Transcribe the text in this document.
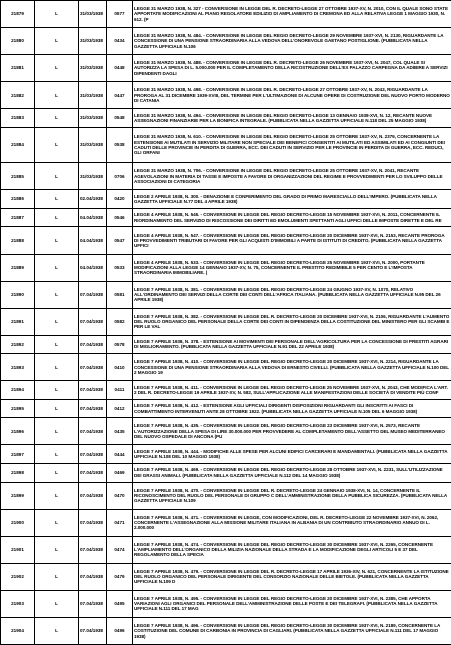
21879	L	31/03/1938	0577	LEGGE 31 MARZO 1938, N. 327 - CONVERSIONE IN LEGGE DEL R. DECRETO-LEGGE 27 OTTOBRE 1937-XV, N. 2010, CON IL QUALE SONO STATE APPORTATE MODIFICAZIONI AL PIANO REGOLATORE EDILIZIO DI AMPLIAMENTO DI CREMONA ED ALLA RELATIVA LEGGE 1 MAGGIO 1930, N. 612. (P
21880	L	31/03/1938	0434	LEGGE 31 MARZO 1938, N. 484. - CONVERSIONE IN LEGGE DEL REGIO DECRETO-LEGGE 29 NOVEMBRE 1937-XVI, N. 2130, RIGUARDANTE LA CONCESSIONE DI UNA PENSIONE STRAORDINARIA ALLA VEDOVA DELL'ONOREVOLE GAETANO POSTIGLIONE. (PUBBLICATA NELLA GAZZETTA UFFICIALE N.106
21881	L	31/03/1938	0448	LEGGE 31 MARZO 1938, N. 488. - CONVERSIONE IN LEGGE DEL R. DECRETO-LEGGE 26 NOVEMBRE 1937-XVI, N. 2047, COL QUALE SI AUTORIZZA LA SPESA DI L. 5.000.000 PER IL COMPLETAMENTO DELLA RICOSTRUZIONE DELL'EX PALAZZO CARPEGNA DA ADIBIRE A SERVIZI DIPENDENTI DAGLI
21882	L	31/03/1938	0447	LEGGE 31 MARZO 1938, N. 498. - CONVERSIONE IN LEGGE DEL R. DECRETO-LEGGE 27 OTTOBRE 1937-XV, N. 2043, RIGUARDANTE LA PROROGA AL 31 DICEMBRE 1939-XVIII, DEL TERMINE PER L'ULTIMAZIONE DI ALCUNE OPERE DI COSTRUZIONE DEL NUOVO PORTO MODERNO DI CATANIA
21883	L	31/03/1938	0548	LEGGE 31 MARZO 1938, N. 494. - CONVERSIONE IN LEGGE DEL REGIO DECRETO-LEGGE 13 GENNAIO 1938-XVI, N. 12, RECANTE NUOVE ASSEGNAZIONI FINANZIARIE PER LA BONIFICA INTEGRALE. (PUBBLICATA NELLA GAZZETTA UFFICIALE N.118 DEL 25 MAGGIO 1938)
21884	L	31/03/1938	0538	LEGGE 31 MARZO 1938, N. 610. - CONVERSIONE IN LEGGE DEL REGIO DECRETO-LEGGE 25 OTTOBRE 1937-XV, N. 2379, CONCERNENTE LA ESTENSIONE AI MUTILATI IN SERVIZIO MILITARE NON SPECIALE DEI BENEFICI CONSENTITI AI MUTILATI ED ASSIMILATI ED AI CONGIUNTI DEI CADUTI DELLE PROVINCIE IN PERDITA DI GUERRA, ECC. DEI CADUTI IN SERVIZIO PER LE PROVINCIE IN PERDITA DI GUERRA, ECC. REDUCI, GLI ORFANI
21885	L	31/03/1938	0706	LEGGE 31 MARZO 1938, N. 706. - CONVERSIONE IN LEGGE DEL REGIO DECRETO-LEGGE 25 OTTOBRE 1937-XV, N. 2041, RECANTE AGEVOLAZIONI IN MATERIA DI TASSE E IMPOSTE A FAVORE DI ORGANIZZAZIONI DEL REGIME E PROVVEDIMENTI PER LO SVILUPPO DELLE ASSOCIAZIONI DI CATEGORIA
21886	L	02.04/1938	0420	LEGGE 2 APRILE 1938, N. 300. - DENAZIONE E CONFERIMENTO DEL GRADO DI PRIMO MARESCIALLO DELL'IMPERO. (PUBBLICATA NELLA GAZZETTA UFFICIALE N.77 DEL 4 APRILE 1938)
21887	L	04.04/1938	0546	LEGGE 4 APRILE 1938, N. 546. - CONVERSIONE IN LEGGE DEL REGIO DECRETO-LEGGE 15 NOVEMBRE 1937-XVI, N. 2011, CONCERNENTE IL RIORDINAMENTO DEL SERVIZIO DI RISCOSSIONE DEI DIRITTI ED EMOLUMENTI SPETTANTI AGLI UFFICI DELLE IMPOSTE DIRETTE E DEL RE
21888	L	04.04/1938	0547	LEGGE 4 APRILE 1938, N. 547. - CONVERSIONE IN LEGGE DEL REGIO DECRETO-LEGGE 20 DICEMBRE 1937-XVI, N. 2153, RECANTE PROROGA DI PROVVEDIMENTI TRIBUTARI DI FAVORE PER GLI ACQUISTI D'IMMOBILI A PARTE DI ISTITUTI DI CREDITO. (PUBBLICATA NELLA GAZZETTA UFFICI
21889	L	04.04/1938	0533	LEGGE 4 APRILE 1938, N. 533. - CONVERSIONE IN LEGGE DEL REGIO DECRETO-LEGGE 25 NOVEMBRE 1937-XVI, N. 2000, PORTANTE MODIFICAZIONI ALLA LEGGE 14 GENNAIO 1937-XV, N. 75, CONCERNENTE IL PRESTITO REDIMIBILE 5 PER CENTO E L'IMPOSTA STRAORDINARIA IMMOBILIARE. (
21890	L	07.04/1938	0581	LEGGE 7 APRILE 1938, N. 381. - CONVERSIONE IN LEGGE DEL REGIO DECRETO-LEGGE 24 GIUGNO 1937-XV, N. 1070, RELATIVO ALL'ORDINAMENTO DEI SERVIZI DELLA CORTE DEI CONTI DELL'AFRICA ITALIANA. (PUBBLICATA NELLA GAZZETTA UFFICIALE N.95 DEL 26 APRILE 1938)
21891	L	07.04/1938	0582	LEGGE 7 APRILE 1938, N. 382. - CONVERSIONE IN LEGGE DEL R. DECRETO-LEGGE 20 DICEMBRE 1937-XVI, N. 2106, RIGUARDANTE L'AUMENTO DEL RUOLO ORGANICO DEL PERSONALE DELLA CORTE DEI CONTI IN DIPENDENZA DELLA COSTITUZIONE DEL MINISTERO PER GLI SCAMBI E PER LE VAL
21892	L	07.04/1938	0578	LEGGE 7 APRILE 1938, N. 378. - ESTENSIONE AI MOVIMENTI DEI PERSONALE DELL'AGRICOLTURA PER LA CONCESSIONE DI PRESTITI AGRARI DI MIGLIORAMENTO. (PUBBLICATA NELLA GAZZETTA UFFICIALE N.91 DEL 22 APRILE 1938)
21893	L	07.04/1938	0410	LEGGE 7 APRILE 1938, N. 410. - CONVERSIONE IN LEGGE DEL REGIO DECRETO-LEGGE 20 DICEMBRE 1937-XVI, N. 2214, RIGUARDANTE LA CONCESSIONE DI UNA PENSIONE STRAORDINARIA ALLA VEDOVA DI ERNESTO CIVELLI. (PUBBLICATA NELLA GAZZETTA UFFICIALE N.100 DEL 2 MAGGIO 19
21894	L	07.04/1938	0411	LEGGE 7 APRILE 1938, N. 411. - CONVERSIONE IN LEGGE DEL REGIO DECRETO-LEGGE 25 NOVEMBRE 1937-XVI, N. 2043, CHE MODIFICA L'ART. 2 DEL R. DECRETO-LEGGE 19 APRILE 1937-XV, N. 582, SULL'APPLICAZIONE ALLE MANIFESTAZIONI DELLE SOCIETÀ DI VENDITE PIÙ CONF
21895	L	07.04/1938	0412	LEGGE 7 APRILE 1938, N. 412. - ESTENSIONE AGLI UFFICIALI DIRIGENTI DISPOSIZIONI RIGUARDANTI GLI INSCRITTI AI FASCI DI COMBATTIMENTO INTERVENUTI ANTE 28 OTTOBRE 1922. (PUBBLICATA NELLA GAZZETTA UFFICIALE N.105 DEL 6 MAGGIO 1938)
21896	L	07.04/1938	0435	LEGGE 7 APRILE 1938, N. 435. - CONVERSIONE IN LEGGE DEL REGIO DECRETO-LEGGE 23 DICEMBRE 1937-XVI, N. 2573, RECANTE L'AUTORIZZAZIONE DELLA SPESA DI LIRE 30.000.000 PER PROVVEDERE AL COMPLETAMENTO DELL'ASSETTO DEL MUSEO MEDITERRANEO DEL NUOVO OSPEDALE DI ANCONA (PU
21897	L	07.04/1938	0444	LEGGE 7 APRILE 1938, N. 444. - MODIFICHE ALLE SPESE PER ALCUNI EDIFICI CARCERARI E MANDAMENTALI. (PUBBLICATA NELLA GAZZETTA UFFICIALE N.108 DEL 10 MAGGIO 1938)
21898	L	07.04/1938	0469	LEGGE 7 APRILE 1938, N. 469. - CONVERSIONE IN LEGGE DEL REGIO DECRETO-LEGGE 28 OTTOBRE 1937-XVI, N. 2231, SULL'UTILIZZAZIONE DEI GRASSI ANIMALI. (PUBBLICATA NELLA GAZZETTA UFFICIALE N.112 DEL 14 MAGGIO 1938)
21899	L	07.04/1938	0470	LEGGE 7 APRILE 1938, N. 470. - CONVERSIONE IN LEGGE DEL R. DECRETO-LEGGE 24 GENNAIO 1938-XVI, N. 14, CONCERNENTE IL RICONOSCIMENTO DEL RUOLO DEL PERSONALE DI GRUPPO C DELL'AMMINISTRAZIONE DELLA PUBBLICA SICUREZZA. (PUBBLICATA NELLA GAZZETTA UFFICIALE N.109
21900	L	07.04/1938	0471	LEGGE 7 APRILE 1938, N. 471. - CONVERSIONE IN LEGGE, CON MODIFICAZIONI, DEL R. DECRETO-LEGGE 22 NOVEMBRE 1937-XVI, N. 2062, CONCERNENTE L'ASSEGNAZIONE ALLA MISSIONE MILITARE ITALIANA IN ALBANIA DI UN CONTRIBUTO STRAORDINARIO ANNUO DI L. 2.000.000
21901	L	07.04/1938	0474	LEGGE 7 APRILE 1938, N. 474. - CONVERSIONE IN LEGGE DEL REGIO DECRETO-LEGGE 30 DICEMBRE 1937-XVI, N. 2265, CONCERNENTE L'AMPLIAMENTO DELL'ORGANICO DELLA MILIZIA NAZIONALE DELLA STRADA E LA MODIFICAZIONE DEGLI ARTICOLI 5 E 37 DEL REGOLAMENTO DELLA SPECIA
21902	L	07.04/1938	0479	LEGGE 7 APRILE 1938, N. 479. - CONVERSIONE IN LEGGE DEL R. DECRETO-LEGGE 17 APRILE 1936-XIV, N. 621, CONCERNENTE LA ISTITUZIONE DEL RUOLO ORGANICO DEL PERSONALE DIRIGENTE DEL CONSORZIO NAZIONALE DELLE BIETOLE. (PUBBLICATA NELLA GAZZETTA UFFICIALE N.109 D
21903	L	07.04/1938	0495	LEGGE 7 APRILE 1938, N. 495. - CONVERSIONE IN LEGGE DEL REGIO DECRETO-LEGGE 20 DICEMBRE 1937-XVI, N. 2385, CHE APPORTA VARIAZIONI AGLI ORGANICI DEL PERSONALE DELL'AMMINISTRAZIONE DELLE POSTE E DEI TELEGRAFI. (PUBBLICATA NELLA GAZZETTA UFFICIALE N.111 DEL 17 MAG
21904	L	07.04/1938	0496	LEGGE 7 APRILE 1938, N. 496. - CONVERSIONE IN LEGGE DEL REGIO DECRETO-LEGGE 30 DICEMBRE 1937-XVI, N. 2189, CONCERNENTE LA COSTITUZIONE DEL COMUNE DI CARBONIA IN PROVINCIA DI CAGLIARI. (PUBBLICATA NELLA GAZZETTA UFFICIALE N.111 DEL 17 MAGGIO 1938)
